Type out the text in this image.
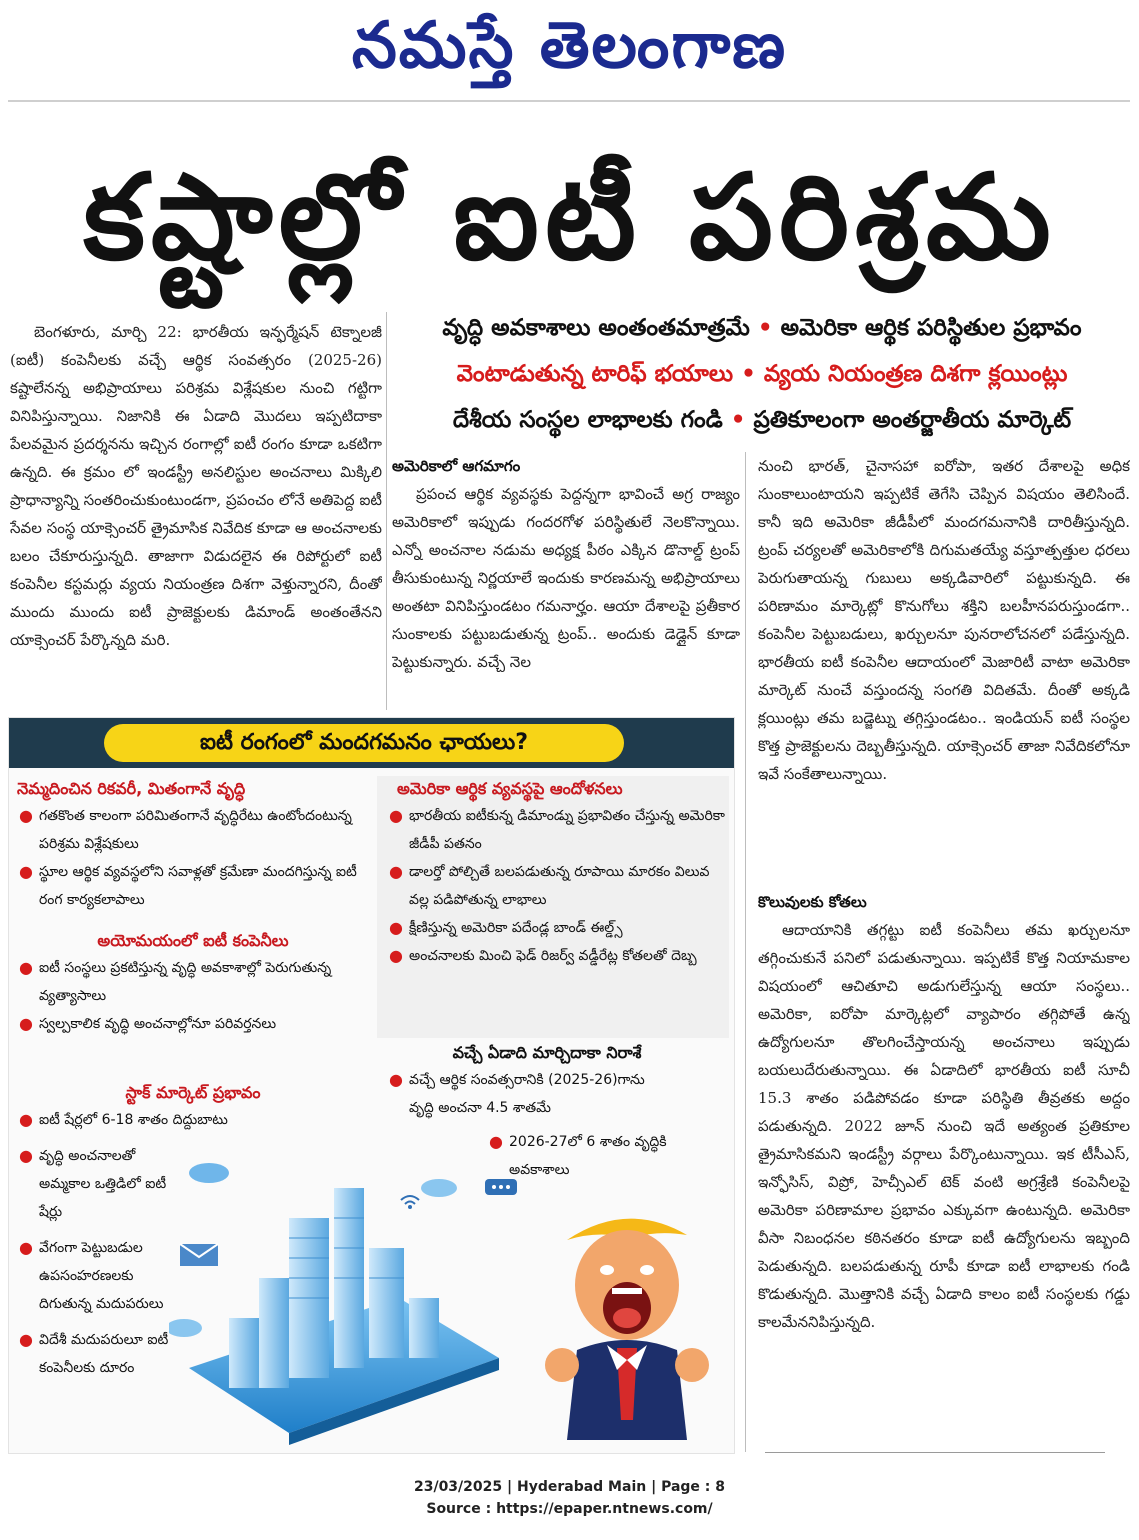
నమస్తే తెలంగాణ
కష్టాల్లో ఐటీ పరిశ్రమ
వృద్ధి అవకాశాలు అంతంతమాత్రమే • అమెరికా ఆర్థిక పరిస్థితుల ప్రభావం
వెంటాడుతున్న టారిఫ్ భయాలు • వ్యయ నియంత్రణ దిశగా క్లయింట్లు
దేశీయ సంస్థల లాభాలకు గండి • ప్రతికూలంగా అంతర్జాతీయ మార్కెట్

బెంగళూరు, మార్చి 22: భారతీయ ఇన్ఫర్మేషన్ టెక్నాలజీ (ఐటీ) కంపెనీలకు వచ్చే ఆర్థిక సంవత్సరం (2025-26) కష్టాలేనన్న అభిప్రాయాలు పరిశ్రమ విశ్లేషకుల నుంచి గట్టిగా వినిపిస్తున్నాయి. నిజానికి ఈ ఏడాది మొదలు ఇప్పటిదాకా పేలవమైన ప్రదర్శనను ఇచ్చిన రంగాల్లో ఐటీ రంగం కూడా ఒకటిగా ఉన్నది. ఈ క్రమం లో ఇండస్ట్రీ అనలిస్టుల అంచనాలు మిక్కిలి ప్రాధాన్యాన్ని సంతరించుకుంటుండగా, ప్రపంచం లోనే అతిపెద్ద ఐటీ సేవల సంస్థ యాక్సెంచర్ త్రైమాసిక నివేదిక కూడా ఆ అంచనాలకు బలం చేకూరుస్తున్నది. తాజాగా విడుదలైన ఈ రిపోర్టులో ఐటీ కంపెనీల కస్టమర్లు వ్యయ నియంత్రణ దిశగా వెళ్తున్నారని, దీంతో ముందు ముందు ఐటీ ప్రాజెక్టులకు డిమాండ్ అంతంతేనని యాక్సెంచర్ పేర్కొన్నది మరి.

అమెరికాలో ఆగమాగం

ప్రపంచ ఆర్థిక వ్యవస్థకు పెద్దన్నగా భావించే అగ్ర రాజ్యం అమెరికాలో ఇప్పుడు గందరగోళ పరిస్థితులే నెలకొన్నాయి. ఎన్నో అంచనాల నడుమ అధ్యక్ష పీఠం ఎక్కిన డొనాల్డ్ ట్రంప్ తీసుకుంటున్న నిర్ణయాలే ఇందుకు కారణమన్న అభిప్రాయాలు అంతటా వినిపిస్తుండటం గమనార్హం. ఆయా దేశాలపై ప్రతీకార సుంకాలకు పట్టుబడుతున్న ట్రంప్.. అందుకు డెడ్లైన్ కూడా పెట్టుకున్నారు. వచ్చే నెల

నుంచి భారత్, చైనాసహా ఐరోపా, ఇతర దేశాలపై అధిక సుంకాలుంటాయని ఇప్పటికే తెగేసి చెప్పిన విషయం తెలిసిందే. కానీ ఇది అమెరికా జీడీపీలో మందగమనానికి దారితీస్తున్నది. ట్రంప్ చర్యలతో అమెరికాలోకి దిగుమతయ్యే వస్తూత్పత్తుల ధరలు పెరుగుతాయన్న గుబులు అక్కడివారిలో పట్టుకున్నది. ఈ పరిణామం మార్కెట్లో కొనుగోలు శక్తిని బలహీనపరుస్తుండగా.. కంపెనీల పెట్టుబడులు, ఖర్చులనూ పునరాలోచనలో పడేస్తున్నది. భారతీయ ఐటీ కంపెనీల ఆదాయంలో మెజారిటీ వాటా అమెరికా మార్కెట్ నుంచే వస్తుందన్న సంగతి విదితమే. దీంతో అక్కడి క్లయింట్లు తమ బడ్జెట్ను తగ్గిస్తుండటం.. ఇండియన్ ఐటీ సంస్థల కొత్త ప్రాజెక్టులను దెబ్బతీస్తున్నది. యాక్సెంచర్ తాజా నివేదికలోనూ ఇవే సంకేతాలున్నాయి.

కొలువులకు కోతలు

ఆదాయానికి తగ్గట్టు ఐటీ కంపెనీలు తమ ఖర్చులనూ తగ్గించుకునే పనిలో పడుతున్నాయి. ఇప్పటికే కొత్త నియామకాల విషయంలో ఆచితూచి అడుగులేస్తున్న ఆయా సంస్థలు.. అమెరికా, ఐరోపా మార్కెట్లలో వ్యాపారం తగ్గిపోతే ఉన్న ఉద్యోగులనూ తొలగించేస్తాయన్న అంచనాలు ఇప్పుడు బయలుదేరుతున్నాయి. ఈ ఏడాదిలో భారతీయ ఐటీ సూచీ 15.3 శాతం పడిపోవడం కూడా పరిస్థితి తీవ్రతకు అద్దం పడుతున్నది. 2022 జూన్ నుంచి ఇదే అత్యంత ప్రతికూల త్రైమాసికమని ఇండస్ట్రీ వర్గాలు పేర్కొంటున్నాయి. ఇక టీసీఎస్, ఇన్ఫోసిస్, విప్రో, హెచ్సీఎల్ టెక్ వంటి అగ్రశ్రేణి కంపెనీలపై అమెరికా పరిణామాల ప్రభావం ఎక్కువగా ఉంటున్నది. అమెరికా వీసా నిబంధనల కఠినతరం కూడా ఐటీ ఉద్యోగులను ఇబ్బంది పెడుతున్నది. బలపడుతున్న రూపీ కూడా ఐటీ లాభాలకు గండి కొడుతున్నది. మొత్తానికి వచ్చే ఏడాది కాలం ఐటీ సంస్థలకు గడ్డు కాలమేననిపిస్తున్నది.

ఐటీ రంగంలో మందగమనం ఛాయలు?
నెమ్మదించిన రికవరీ, మితంగానే వృద్ధి
● గతకొంత కాలంగా పరిమితంగానే వృద్ధిరేటు ఉంటోందంటున్న పరిశ్రమ విశ్లేషకులు
● స్థూల ఆర్థిక వ్యవస్థలోని సవాళ్లతో క్రమేణా మందగిస్తున్న ఐటీ రంగ కార్యకలాపాలు
అయోమయంలో ఐటీ కంపెనీలు
● ఐటీ సంస్థలు ప్రకటిస్తున్న వృద్ధి అవకాశాల్లో పెరుగుతున్న వ్యత్యాసాలు
● స్వల్పకాలిక వృద్ధి అంచనాల్లోనూ పరివర్తనలు
స్టాక్ మార్కెట్ ప్రభావం
● ఐటీ షేర్లలో 6-18 శాతం దిద్దుబాటు
● వృద్ధి అంచనాలతో అమ్మకాల ఒత్తిడిలో ఐటీ షేర్లు
● వేగంగా పెట్టుబడుల ఉపసంహరణలకు దిగుతున్న మదుపరులు
● విదేశీ మదుపరులూ ఐటీ కంపెనీలకు దూరం
అమెరికా ఆర్థిక వ్యవస్థపై ఆందోళనలు
● భారతీయ ఐటీకున్న డిమాండ్ను ప్రభావితం చేస్తున్న అమెరికా జీడీపీ పతనం
● డాలర్తో పోల్చితే బలపడుతున్న రూపాయి మారకం విలువ వల్ల పడిపోతున్న లాభాలు
● క్షీణిస్తున్న అమెరికా పదేండ్ల బాండ్ ఈల్డ్స్
● అంచనాలకు మించి ఫెడ్ రిజర్వ్ వడ్డీరేట్ల కోతలతో దెబ్బ
వచ్చే ఏడాది మార్చిదాకా నిరాశే
● వచ్చే ఆర్థిక సంవత్సరానికి (2025-26)గాను వృద్ధి అంచనా 4.5 శాతమే
● 2026-27లో 6 శాతం వృద్ధికి అవకాశాలు
23/03/2025 | Hyderabad Main | Page : 8
Source : https://epaper.ntnews.com/
